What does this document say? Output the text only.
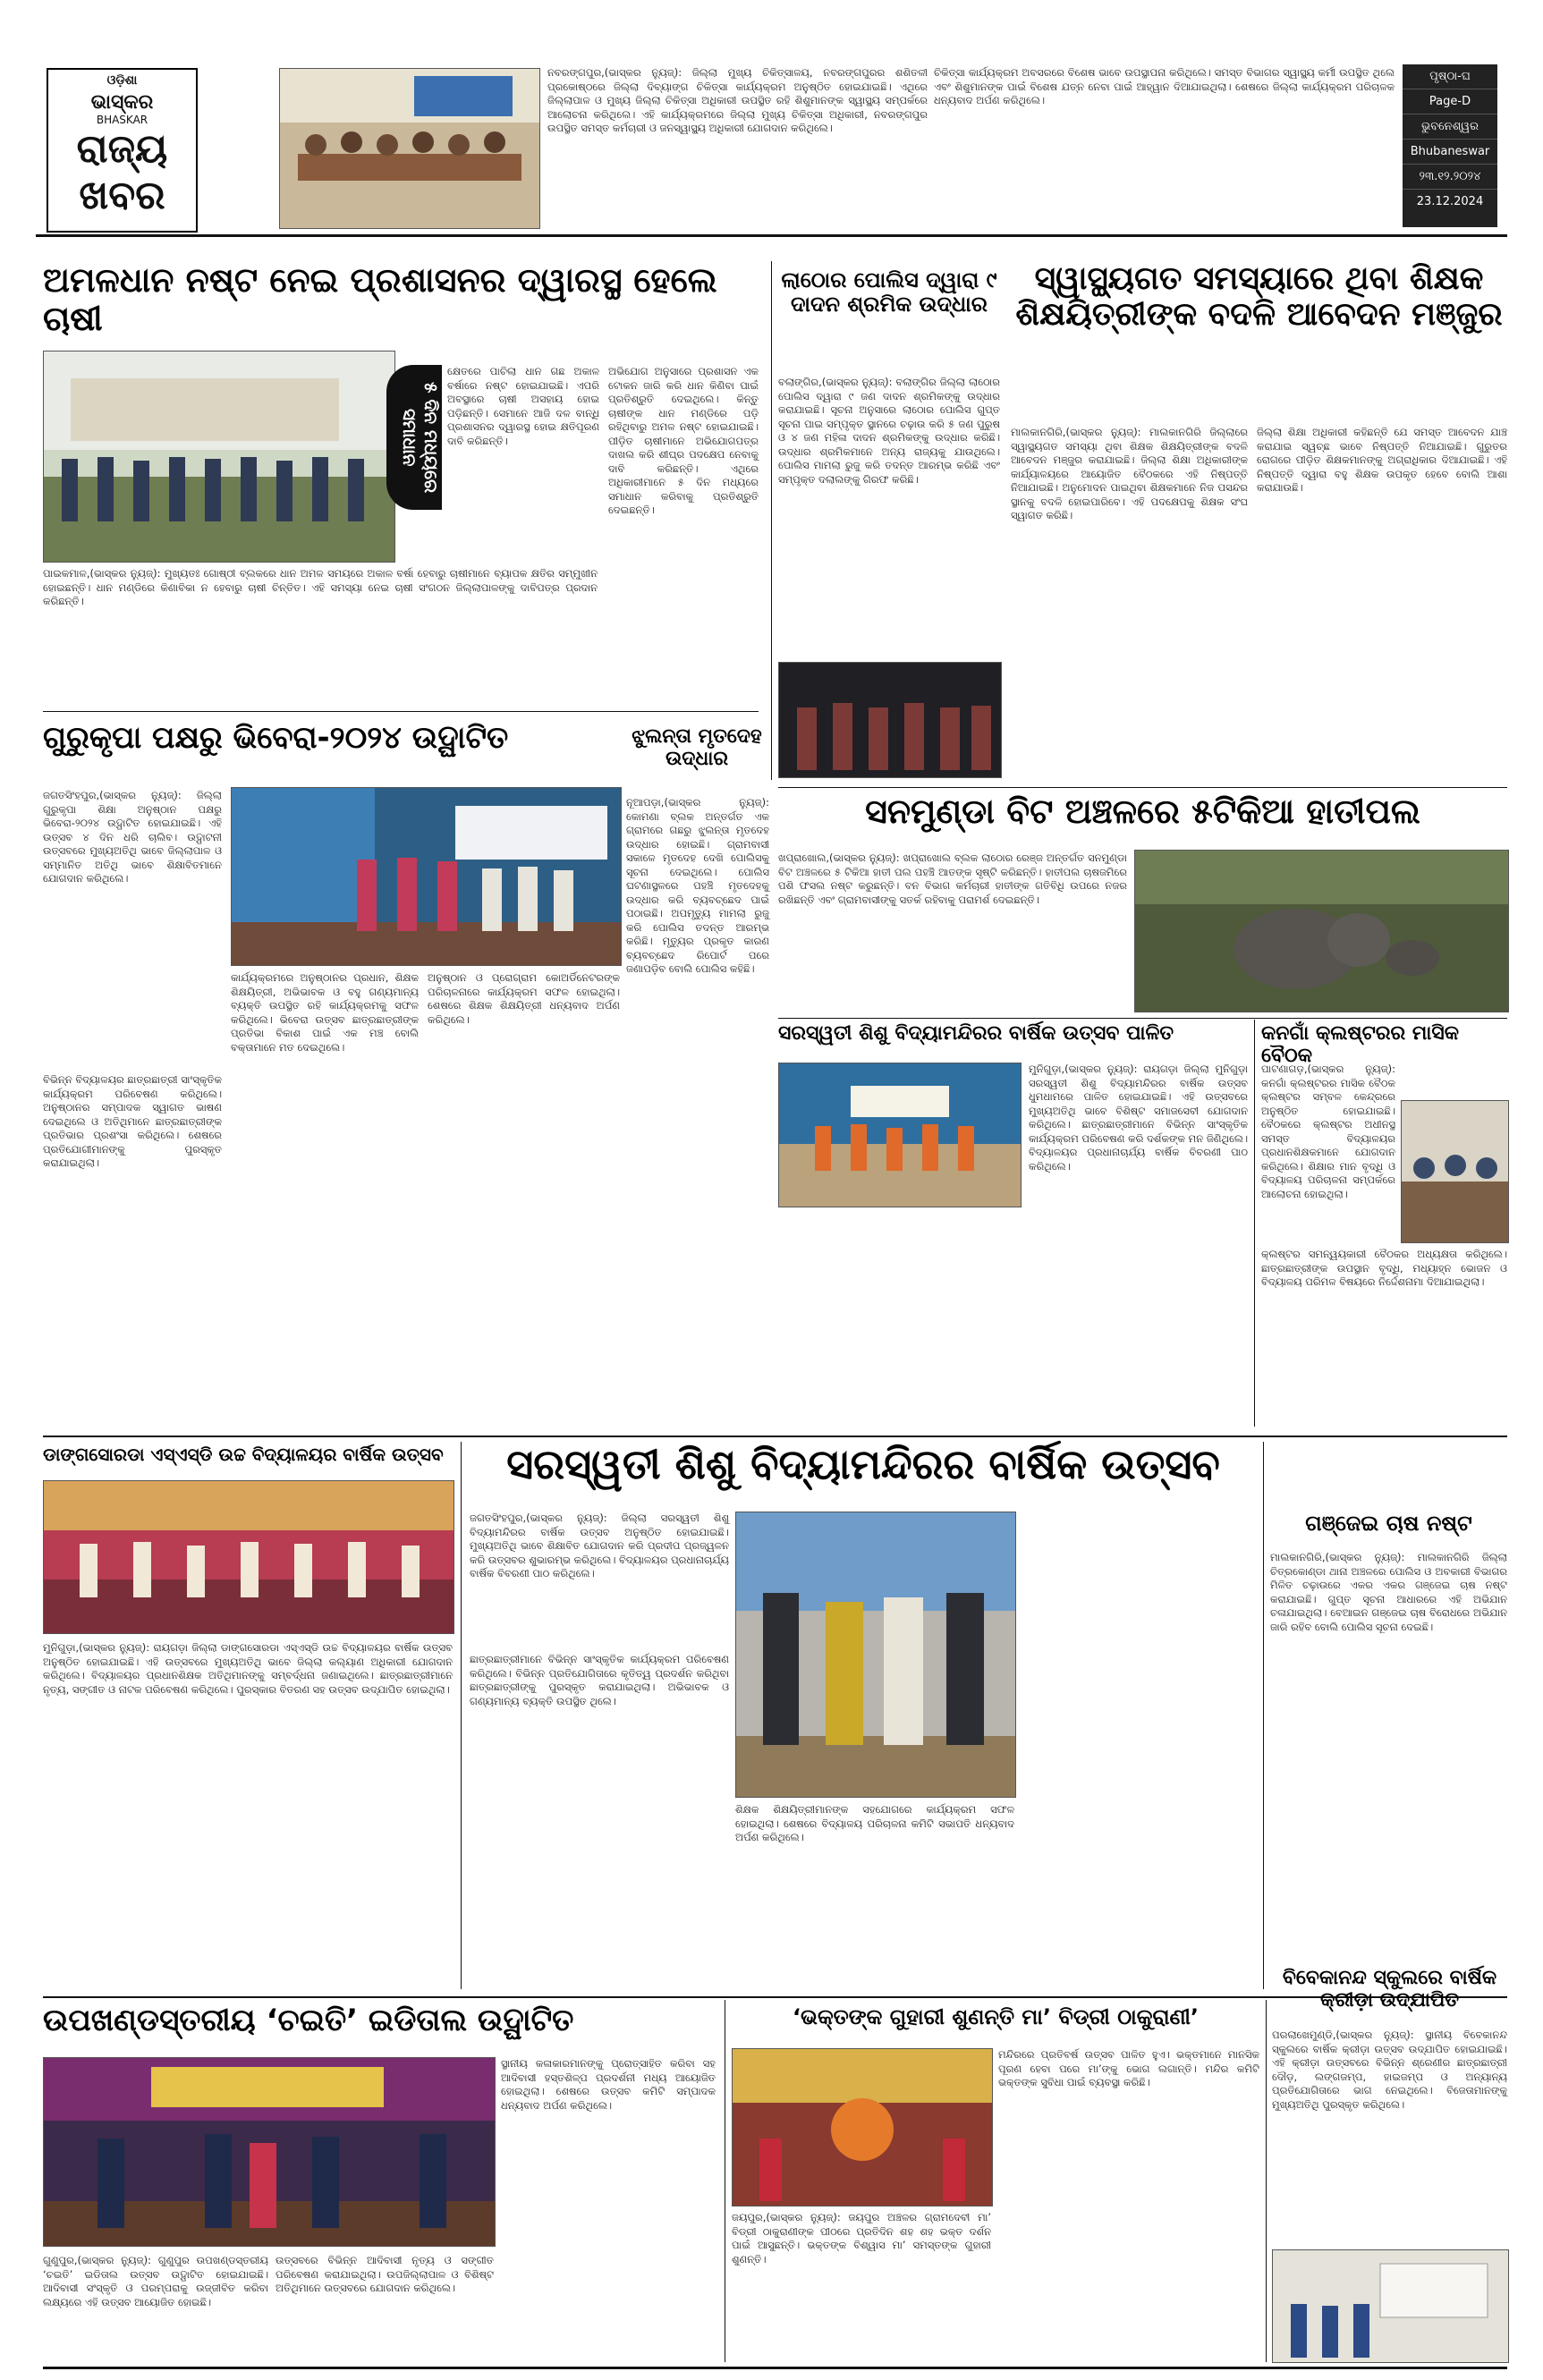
ଓଡ଼ିଶା
ଭାସ୍କର
BHASKAR
ରାଜ୍ୟ ଖବର
ନବରଙ୍ଗପୁର,(ଭାସ୍କର ନ୍ୟୁଜ୍): ଜିଲ୍ଲା ମୁଖ୍ୟ ଚିକିତ୍ସାଳୟ, ନବରଙ୍ଗପୁରର ଶଶିତଳୀ ପ୍ରକୋଷ୍ଠରେ ଜିଲ୍ଲା ଦିବ୍ୟାଙ୍ଗ ଚିକିତ୍ସା କାର୍ଯ୍ୟକ୍ରମ ଅନୁଷ୍ଠିତ ହୋଇଯାଇଛି। ଏଥିରେ ଜିଲ୍ଲାପାଳ ଓ ମୁଖ୍ୟ ଜିଲ୍ଲା ଚିକିତ୍ସା ଅଧିକାରୀ ଉପସ୍ଥିତ ରହି ଶିଶୁମାନଙ୍କ ସ୍ୱାସ୍ଥ୍ୟ ସମ୍ପର୍କରେ ଆଲୋଚନା କରିଥିଲେ। ଏହି କାର୍ଯ୍ୟକ୍ରମରେ ଜିଲ୍ଲା ମୁଖ୍ୟ ଚିକିତ୍ସା ଅଧିକାରୀ, ନବରଙ୍ଗପୁର ଉପସ୍ଥିତ ସମସ୍ତ କର୍ମଚାରୀ ଓ ଜନସ୍ୱାସ୍ଥ୍ୟ ଅଧିକାରୀ ଯୋଗଦାନ କରିଥିଲେ।
ଚିକିତ୍ସା କାର୍ଯ୍ୟକ୍ରମ ଅବସରରେ ବିଶେଷ ଭାବେ ଉପସ୍ଥାପନା କରିଥିଲେ। ସମସ୍ତ ବିଭାଗର ସ୍ୱାସ୍ଥ୍ୟ କର୍ମୀ ଉପସ୍ଥିତ ଥିଲେ ଏବଂ ଶିଶୁମାନଙ୍କ ପାଇଁ ବିଶେଷ ଯତ୍ନ ନେବା ପାଇଁ ଆହ୍ୱାନ ଦିଆଯାଇଥିଲା। ଶେଷରେ ଜିଲ୍ଲା କାର୍ଯ୍ୟକ୍ରମ ପରିଚାଳକ ଧନ୍ୟବାଦ ଅର୍ପଣ କରିଥିଲେ।
ପୃଷ୍ଠା-ଘ
Page-D
ଭୁବନେଶ୍ୱର
Bhubaneswar
୨୩.୧୨.୨୦୨୪
23.12.2024
ଅମଳଧାନ ନଷ୍ଟ ନେଇ ପ୍ରଶାସନର ଦ୍ୱାରସ୍ଥ ହେଲେ ଚାଷୀ
୫ ଦିନ ମଧ୍ୟରେ ସମାଧାନ
କ୍ଷେତରେ ପାଚିଲା ଧାନ ଗଛ ଅକାଳ ବର୍ଷାରେ ନଷ୍ଟ ହୋଇଯାଇଛି। ଏପରି ଅବସ୍ଥାରେ ଚାଷୀ ଅସହାୟ ହୋଇ ପଡ଼ିଛନ୍ତି। ସେମାନେ ଆଜି ଦଳ ବାନ୍ଧି ପ୍ରଶାସନର ଦ୍ୱାରସ୍ଥ ହୋଇ କ୍ଷତିପୂରଣ ଦାବି କରିଛନ୍ତି।
ଅଭିଯୋଗ ଅନୁସାରେ ପ୍ରଶାସନ ଏକ ଟୋକନ ଜାରି କରି ଧାନ କିଣିବା ପାଇଁ ପ୍ରତିଶ୍ରୁତି ଦେଇଥିଲେ। କିନ୍ତୁ ଚାଷୀଙ୍କ ଧାନ ମଣ୍ଡିରେ ପଡ଼ି ରହିଥିବାରୁ ଅମଳ ନଷ୍ଟ ହୋଇଯାଇଛି। ପୀଡ଼ିତ ଚାଷୀମାନେ ଅଭିଯୋଗପତ୍ର ଦାଖଲ କରି ଶୀଘ୍ର ପଦକ୍ଷେପ ନେବାକୁ ଦାବି କରିଛନ୍ତି। ଏଥିରେ ଅଧିକାରୀମାନେ ୫ ଦିନ ମଧ୍ୟରେ ସମାଧାନ କରିବାକୁ ପ୍ରତିଶ୍ରୁତି ଦେଇଛନ୍ତି।
ପାଇକମାଳ,(ଭାସ୍କର ନ୍ୟୁଜ୍): ମୁଖ୍ୟତଃ ଗୋଷ୍ଠୀ ବ୍ଲକରେ ଧାନ ଅମଳ ସମୟରେ ଅକାଳ ବର୍ଷା ହେବାରୁ ଚାଷୀମାନେ ବ୍ୟାପକ କ୍ଷତିର ସମ୍ମୁଖୀନ ହୋଇଛନ୍ତି। ଧାନ ମଣ୍ଡିରେ କିଣାବିକା ନ ହେବାରୁ ଚାଷୀ ଚିନ୍ତିତ। ଏହି ସମସ୍ୟା ନେଇ ଚାଷୀ ସଂଗଠନ ଜିଲ୍ଲାପାଳଙ୍କୁ ଦାବିପତ୍ର ପ୍ରଦାନ କରିଛନ୍ତି।
ଲାଠୋର ପୋଲିସ ଦ୍ୱାରା ୯ ଦାଦନ ଶ୍ରମିକ ଉଦ୍ଧାର
ବଲାଙ୍ଗିର,(ଭାସ୍କର ନ୍ୟୁଜ୍): ବଲାଙ୍ଗିର ଜିଲ୍ଲା ଲାଠୋର ପୋଲିସ ଦ୍ୱାରା ୯ ଜଣ ଦାଦନ ଶ୍ରମିକଙ୍କୁ ଉଦ୍ଧାର କରାଯାଇଛି। ସୂଚନା ଅନୁସାରେ ଲାଠୋର ପୋଲିସ ଗୁପ୍ତ ସୂଚନା ପାଇ ସମ୍ପୃକ୍ତ ସ୍ଥାନରେ ଚଢ଼ାଉ କରି ୫ ଜଣ ପୁରୁଷ ଓ ୪ ଜଣ ମହିଳା ଦାଦନ ଶ୍ରମିକଙ୍କୁ ଉଦ୍ଧାର କରିଛି। ଉଦ୍ଧାର ଶ୍ରମିକମାନେ ଅନ୍ୟ ରାଜ୍ୟକୁ ଯାଉଥିଲେ। ପୋଲିସ ମାମଲା ରୁଜୁ କରି ତଦନ୍ତ ଆରମ୍ଭ କରିଛି ଏବଂ ସମ୍ପୃକ୍ତ ଦଲାଲଙ୍କୁ ଗିରଫ କରିଛି।
ସ୍ୱାସ୍ଥ୍ୟଗତ ସମସ୍ୟାରେ ଥିବା ଶିକ୍ଷକ ଶିକ୍ଷୟିତ୍ରୀଙ୍କ ବଦଳି ଆବେଦନ ମଞ୍ଜୁର
ମାଲକାନଗିରି,(ଭାସ୍କର ନ୍ୟୁଜ୍): ମାଲକାନଗିରି ଜିଲ୍ଲାରେ ସ୍ୱାସ୍ଥ୍ୟଗତ ସମସ୍ୟା ଥିବା ଶିକ୍ଷକ ଶିକ୍ଷୟିତ୍ରୀଙ୍କ ବଦଳି ଆବେଦନ ମଞ୍ଜୁର କରାଯାଇଛି। ଜିଲ୍ଲା ଶିକ୍ଷା ଅଧିକାରୀଙ୍କ କାର୍ଯ୍ୟାଳୟରେ ଆୟୋଜିତ ବୈଠକରେ ଏହି ନିଷ୍ପତ୍ତି ନିଆଯାଇଛି। ଅନୁମୋଦନ ପାଇଥିବା ଶିକ୍ଷକମାନେ ନିଜ ପସନ୍ଦର ସ୍ଥାନକୁ ବଦଳି ହୋଇପାରିବେ। ଏହି ପଦକ୍ଷେପକୁ ଶିକ୍ଷକ ସଂଘ ସ୍ୱାଗତ କରିଛି।
ଜିଲ୍ଲା ଶିକ୍ଷା ଅଧିକାରୀ କହିଛନ୍ତି ଯେ ସମସ୍ତ ଆବେଦନ ଯାଞ୍ଚ କରାଯାଇ ସ୍ୱଚ୍ଛ ଭାବେ ନିଷ୍ପତ୍ତି ନିଆଯାଇଛି। ଗୁରୁତର ରୋଗରେ ପୀଡ଼ିତ ଶିକ୍ଷକମାନଙ୍କୁ ଅଗ୍ରାଧିକାର ଦିଆଯାଇଛି। ଏହି ନିଷ୍ପତ୍ତି ଦ୍ୱାରା ବହୁ ଶିକ୍ଷକ ଉପକୃତ ହେବେ ବୋଲି ଆଶା କରାଯାଉଛି।
ଗୁରୁକୃପା ପକ୍ଷରୁ ଭିବେରା-୨୦୨୪ ଉଦ୍ଘାଟିତ
ଜଗତସିଂହପୁର,(ଭାସ୍କର ନ୍ୟୁଜ୍): ଜିଲ୍ଲା ଗୁରୁକୃପା ଶିକ୍ଷା ଅନୁଷ୍ଠାନ ପକ୍ଷରୁ ଭିବେରା-୨୦୨୪ ଉଦ୍ଘାଟିତ ହୋଇଯାଇଛି। ଏହି ଉତ୍ସବ ୪ ଦିନ ଧରି ଚାଲିବ। ଉଦ୍ଘାଟନୀ ଉତ୍ସବରେ ମୁଖ୍ୟଅତିଥି ଭାବେ ଜିଲ୍ଲାପାଳ ଓ ସମ୍ମାନିତ ଅତିଥି ଭାବେ ଶିକ୍ଷାବିତମାନେ ଯୋଗଦାନ କରିଥିଲେ।
ବିଭିନ୍ନ ବିଦ୍ୟାଳୟର ଛାତ୍ରଛାତ୍ରୀ ସାଂସ୍କୃତିକ କାର୍ଯ୍ୟକ୍ରମ ପରିବେଷଣ କରିଥିଲେ। ଅନୁଷ୍ଠାନର ସମ୍ପାଦକ ସ୍ୱାଗତ ଭାଷଣ ଦେଇଥିଲେ ଓ ଅତିଥିମାନେ ଛାତ୍ରଛାତ୍ରୀଙ୍କ ପ୍ରତିଭାର ପ୍ରଶଂସା କରିଥିଲେ। ଶେଷରେ ପ୍ରତିଯୋଗୀମାନଙ୍କୁ ପୁରସ୍କୃତ କରାଯାଇଥିଲା।
କାର୍ଯ୍ୟକ୍ରମରେ ଅନୁଷ୍ଠାନର ପ୍ରଧାନ, ଶିକ୍ଷକ ଶିକ୍ଷୟିତ୍ରୀ, ଅଭିଭାବକ ଓ ବହୁ ଗଣ୍ୟମାନ୍ୟ ବ୍ୟକ୍ତି ଉପସ୍ଥିତ ରହି କାର୍ଯ୍ୟକ୍ରମକୁ ସଫଳ କରିଥିଲେ। ଭିବେରା ଉତ୍ସବ ଛାତ୍ରଛାତ୍ରୀଙ୍କ ପ୍ରତିଭା ବିକାଶ ପାଇଁ ଏକ ମଞ୍ଚ ବୋଲି ବକ୍ତାମାନେ ମତ ଦେଇଥିଲେ।
ଅନୁଷ୍ଠାନ ଓ ପ୍ରୋଗ୍ରାମ କୋଅର୍ଡିନେଟରଙ୍କ ପରିଚାଳନାରେ କାର୍ଯ୍ୟକ୍ରମ ସଫଳ ହୋଇଥିଲା। ଶେଷରେ ଶିକ୍ଷକ ଶିକ୍ଷୟିତ୍ରୀ ଧନ୍ୟବାଦ ଅର୍ପଣ କରିଥିଲେ।
ଝୁଲନ୍ତା ମୃତଦେହ ଉଦ୍ଧାର
ନୂଆପଡ଼ା,(ଭାସ୍କର ନ୍ୟୁଜ୍): କୋମଣା ବ୍ଲକ ଅନ୍ତର୍ଗତ ଏକ ଗ୍ରାମରେ ଗଛରୁ ଝୁଲନ୍ତା ମୃତଦେହ ଉଦ୍ଧାର ହୋଇଛି। ଗ୍ରାମବାସୀ ସକାଳେ ମୃତଦେହ ଦେଖି ପୋଲିସକୁ ସୂଚନା ଦେଇଥିଲେ। ପୋଲିସ ଘଟଣାସ୍ଥଳରେ ପହଞ୍ଚି ମୃତଦେହକୁ ଉଦ୍ଧାର କରି ବ୍ୟବଚ୍ଛେଦ ପାଇଁ ପଠାଇଛି। ଅପମୃତ୍ୟୁ ମାମଲା ରୁଜୁ କରି ପୋଲିସ ତଦନ୍ତ ଆରମ୍ଭ କରିଛି। ମୃତ୍ୟୁର ପ୍ରକୃତ କାରଣ ବ୍ୟବଚ୍ଛେଦ ରିପୋର୍ଟ ପରେ ଜଣାପଡ଼ିବ ବୋଲି ପୋଲିସ କହିଛି।
ସନମୁଣ୍ଡା ବିଟ ଅଞ୍ଚଳରେ ୫ଟିକିଆ ହାତୀପଲ
ଖପ୍ରାଖୋଲ,(ଭାସ୍କର ନ୍ୟୁଜ୍): ଖପ୍ରାଖୋଲ ବ୍ଲକ ଲାଠୋର ରେଞ୍ଜ ଅନ୍ତର୍ଗତ ସନମୁଣ୍ଡା ବିଟ ଅଞ୍ଚଳରେ ୫ ଟିକିଆ ହାତୀ ପଲ ପହଞ୍ଚି ଆତଙ୍କ ସୃଷ୍ଟି କରିଛନ୍ତି। ହାତୀପଲ ଚାଷଜମିରେ ପଶି ଫସଲ ନଷ୍ଟ କରୁଛନ୍ତି। ବନ ବିଭାଗ କର୍ମଚାରୀ ହାତୀଙ୍କ ଗତିବିଧି ଉପରେ ନଜର ରଖିଛନ୍ତି ଏବଂ ଗ୍ରାମବାସୀଙ୍କୁ ସତର୍କ ରହିବାକୁ ପରାମର୍ଶ ଦେଇଛନ୍ତି।
ସରସ୍ୱତୀ ଶିଶୁ ବିଦ୍ୟାମନ୍ଦିରର ବାର୍ଷିକ ଉତ୍ସବ ପାଳିତ
ମୁନିଗୁଡ଼ା,(ଭାସ୍କର ନ୍ୟୁଜ୍): ରାୟଗଡ଼ା ଜିଲ୍ଲା ମୁନିଗୁଡ଼ା ସରସ୍ୱତୀ ଶିଶୁ ବିଦ୍ୟାମନ୍ଦିରର ବାର୍ଷିକ ଉତ୍ସବ ଧୁମଧାମରେ ପାଳିତ ହୋଇଯାଇଛି। ଏହି ଉତ୍ସବରେ ମୁଖ୍ୟଅତିଥି ଭାବେ ବିଶିଷ୍ଟ ସମାଜସେବୀ ଯୋଗଦାନ କରିଥିଲେ। ଛାତ୍ରଛାତ୍ରୀମାନେ ବିଭିନ୍ନ ସାଂସ୍କୃତିକ କାର୍ଯ୍ୟକ୍ରମ ପରିବେଷଣ କରି ଦର୍ଶକଙ୍କ ମନ ଜିଣିଥିଲେ। ବିଦ୍ୟାଳୟର ପ୍ରଧାନାଚାର୍ଯ୍ୟ ବାର୍ଷିକ ବିବରଣୀ ପାଠ କରିଥିଲେ।
କନଗାଁ କ୍ଲଷ୍ଟରର ମାସିକ ବୈଠକ
ପାଟଣାଗଡ଼,(ଭାସ୍କର ନ୍ୟୁଜ୍): କନଗାଁ କ୍ଲଷ୍ଟରର ମାସିକ ବୈଠକ କ୍ଲଷ୍ଟର ସମ୍ବଳ କେନ୍ଦ୍ରରେ ଅନୁଷ୍ଠିତ ହୋଇଯାଇଛି। ବୈଠକରେ କ୍ଲଷ୍ଟର ଅଧୀନସ୍ଥ ସମସ୍ତ ବିଦ୍ୟାଳୟର ପ୍ରଧାନଶିକ୍ଷକମାନେ ଯୋଗଦାନ କରିଥିଲେ। ଶିକ୍ଷାର ମାନ ବୃଦ୍ଧି ଓ ବିଦ୍ୟାଳୟ ପରିଚାଳନା ସମ୍ପର୍କରେ ଆଲୋଚନା ହୋଇଥିଲା।
କ୍ଲଷ୍ଟର ସମନ୍ୱୟକାରୀ ବୈଠକର ଅଧ୍ୟକ୍ଷତା କରିଥିଲେ। ଛାତ୍ରଛାତ୍ରୀଙ୍କ ଉପସ୍ଥାନ ବୃଦ୍ଧି, ମଧ୍ୟାହ୍ନ ଭୋଜନ ଓ ବିଦ୍ୟାଳୟ ପରିମଳ ବିଷୟରେ ନିର୍ଦ୍ଦେଶନାମା ଦିଆଯାଇଥିଲା।
ଡାଙ୍ଗସୋରଡା ଏସ୍ଏସ୍ଡି ଉଚ୍ଚ ବିଦ୍ୟାଳୟର ବାର୍ଷିକ ଉତ୍ସବ
ମୁନିଗୁଡ଼ା,(ଭାସ୍କର ନ୍ୟୁଜ୍): ରାୟଗଡ଼ା ଜିଲ୍ଲା ଡାଙ୍ଗସୋରଡା ଏସ୍ଏସ୍ଡି ଉଚ୍ଚ ବିଦ୍ୟାଳୟର ବାର୍ଷିକ ଉତ୍ସବ ଅନୁଷ୍ଠିତ ହୋଇଯାଇଛି। ଏହି ଉତ୍ସବରେ ମୁଖ୍ୟଅତିଥି ଭାବେ ଜିଲ୍ଲା କଲ୍ୟାଣ ଅଧିକାରୀ ଯୋଗଦାନ କରିଥିଲେ। ବିଦ୍ୟାଳୟର ପ୍ରଧାନଶିକ୍ଷକ ଅତିଥିମାନଙ୍କୁ ସମ୍ବର୍ଦ୍ଧନା ଜଣାଇଥିଲେ। ଛାତ୍ରଛାତ୍ରୀମାନେ ନୃତ୍ୟ, ସଙ୍ଗୀତ ଓ ନାଟକ ପରିବେଷଣ କରିଥିଲେ। ପୁରସ୍କାର ବିତରଣ ସହ ଉତ୍ସବ ଉଦ୍ଯାପିତ ହୋଇଥିଲା।
ସରସ୍ୱତୀ ଶିଶୁ ବିଦ୍ୟାମନ୍ଦିରର ବାର୍ଷିକ ଉତ୍ସବ
ଜଗତସିଂହପୁର,(ଭାସ୍କର ନ୍ୟୁଜ୍): ଜିଲ୍ଲା ସରସ୍ୱତୀ ଶିଶୁ ବିଦ୍ୟାମନ୍ଦିରର ବାର୍ଷିକ ଉତ୍ସବ ଅନୁଷ୍ଠିତ ହୋଇଯାଇଛି। ମୁଖ୍ୟଅତିଥି ଭାବେ ଶିକ୍ଷାବିତ ଯୋଗଦାନ କରି ପ୍ରଦୀପ ପ୍ରଜ୍ୱଳନ କରି ଉତ୍ସବର ଶୁଭାରମ୍ଭ କରିଥିଲେ। ବିଦ୍ୟାଳୟର ପ୍ରଧାନାଚାର୍ଯ୍ୟ ବାର୍ଷିକ ବିବରଣୀ ପାଠ କରିଥିଲେ।
ଛାତ୍ରଛାତ୍ରୀମାନେ ବିଭିନ୍ନ ସାଂସ୍କୃତିକ କାର୍ଯ୍ୟକ୍ରମ ପରିବେଷଣ କରିଥିଲେ। ବିଭିନ୍ନ ପ୍ରତିଯୋଗିତାରେ କୃତିତ୍ୱ ପ୍ରଦର୍ଶନ କରିଥିବା ଛାତ୍ରଛାତ୍ରୀଙ୍କୁ ପୁରସ୍କୃତ କରାଯାଇଥିଲା। ଅଭିଭାବକ ଓ ଗଣ୍ୟମାନ୍ୟ ବ୍ୟକ୍ତି ଉପସ୍ଥିତ ଥିଲେ।
ଶିକ୍ଷକ ଶିକ୍ଷୟିତ୍ରୀମାନଙ୍କ ସହଯୋଗରେ କାର୍ଯ୍ୟକ୍ରମ ସଫଳ ହୋଇଥିଲା। ଶେଷରେ ବିଦ୍ୟାଳୟ ପରିଚାଳନା କମିଟି ସଭାପତି ଧନ୍ୟବାଦ ଅର୍ପଣ କରିଥିଲେ।
ଗଞ୍ଜେଇ ଚାଷ ନଷ୍ଟ
ମାଲକାନଗିରି,(ଭାସ୍କର ନ୍ୟୁଜ୍): ମାଲକାନଗିରି ଜିଲ୍ଲା ଚିତ୍ରକୋଣ୍ଡା ଥାନା ଅଞ୍ଚଳରେ ପୋଲିସ ଓ ଅବକାରୀ ବିଭାଗର ମିଳିତ ଚଢ଼ାଉରେ ଏକର ଏକର ଗଞ୍ଜେଇ ଚାଷ ନଷ୍ଟ କରାଯାଇଛି। ଗୁପ୍ତ ସୂଚନା ଆଧାରରେ ଏହି ଅଭିଯାନ ଚଳାଯାଇଥିଲା। ବେଆଇନ ଗଞ୍ଜେଇ ଚାଷ ବିରୋଧରେ ଅଭିଯାନ ଜାରି ରହିବ ବୋଲି ପୋଲିସ ସୂଚନା ଦେଇଛି।
ଉପଖଣ୍ଡସ୍ତରୀୟ ‘ଚଇତି’ ଇଡିତାଲ ଉଦ୍ଘାଟିତ
ଗୁଣୁପୁର,(ଭାସ୍କର ନ୍ୟୁଜ୍): ଗୁଣୁପୁର ଉପଖଣ୍ଡସ୍ତରୀୟ ‘ଚଇତି’ ଇଡିତାଲ ଉତ୍ସବ ଉଦ୍ଘାଟିତ ହୋଇଯାଇଛି। ଆଦିବାସୀ ସଂସ୍କୃତି ଓ ପରମ୍ପରାକୁ ଉଜ୍ଜୀବିତ କରିବା ଲକ୍ଷ୍ୟରେ ଏହି ଉତ୍ସବ ଆୟୋଜିତ ହୋଇଛି।
ଉତ୍ସବରେ ବିଭିନ୍ନ ଆଦିବାସୀ ନୃତ୍ୟ ଓ ସଙ୍ଗୀତ ପରିବେଷଣ କରାଯାଇଥିଲା। ଉପଜିଲ୍ଲାପାଳ ଓ ବିଶିଷ୍ଟ ଅତିଥିମାନେ ଉତ୍ସବରେ ଯୋଗଦାନ କରିଥିଲେ।
ସ୍ଥାନୀୟ କଳାକାରମାନଙ୍କୁ ପ୍ରୋତ୍ସାହିତ କରିବା ସହ ଆଦିବାସୀ ହସ୍ତଶିଳ୍ପ ପ୍ରଦର୍ଶନୀ ମଧ୍ୟ ଆୟୋଜିତ ହୋଇଥିଲା। ଶେଷରେ ଉତ୍ସବ କମିଟି ସମ୍ପାଦକ ଧନ୍ୟବାଦ ଅର୍ପଣ କରିଥିଲେ।
‘ଭକ୍ତଙ୍କ ଗୁହାରୀ ଶୁଣନ୍ତି ମା’ ବିଡ୍ରୀ ଠାକୁରାଣୀ’
ଜୟପୁର,(ଭାସ୍କର ନ୍ୟୁଜ୍): ଜୟପୁର ଅଞ୍ଚଳର ଗ୍ରାମଦେବୀ ମା’ ବିଡ୍ରୀ ଠାକୁରାଣୀଙ୍କ ପୀଠରେ ପ୍ରତିଦିନ ଶହ ଶହ ଭକ୍ତ ଦର୍ଶନ ପାଇଁ ଆସୁଛନ୍ତି। ଭକ୍ତଙ୍କ ବିଶ୍ୱାସ ମା’ ସମସ୍ତଙ୍କ ଗୁହାରୀ ଶୁଣନ୍ତି।
ମନ୍ଦିରରେ ପ୍ରତିବର୍ଷ ଉତ୍ସବ ପାଳିତ ହୁଏ। ଭକ୍ତମାନେ ମାନସିକ ପୂରଣ ହେବା ପରେ ମା’ଙ୍କୁ ଭୋଗ ଲଗାନ୍ତି। ମନ୍ଦିର କମିଟି ଭକ୍ତଙ୍କ ସୁବିଧା ପାଇଁ ବ୍ୟବସ୍ଥା କରିଛି।
ବିବେକାନନ୍ଦ ସ୍କୁଲରେ ବାର୍ଷିକ କ୍ରୀଡ଼ା ଉଦ୍ଯାପିତ
ପରଲାଖେମୁଣ୍ଡି,(ଭାସ୍କର ନ୍ୟୁଜ୍): ସ୍ଥାନୀୟ ବିବେକାନନ୍ଦ ସ୍କୁଲରେ ବାର୍ଷିକ କ୍ରୀଡ଼ା ଉତ୍ସବ ଉଦ୍ଯାପିତ ହୋଇଯାଇଛି। ଏହି କ୍ରୀଡ଼ା ଉତ୍ସବରେ ବିଭିନ୍ନ ଶ୍ରେଣୀର ଛାତ୍ରଛାତ୍ରୀ ଦୌଡ଼, ଲଙ୍ଗଜମ୍ପ, ହାଇଜମ୍ପ ଓ ଅନ୍ୟାନ୍ୟ ପ୍ରତିଯୋଗିତାରେ ଭାଗ ନେଇଥିଲେ। ବିଜେତାମାନଙ୍କୁ ମୁଖ୍ୟଅତିଥି ପୁରସ୍କୃତ କରିଥିଲେ।
